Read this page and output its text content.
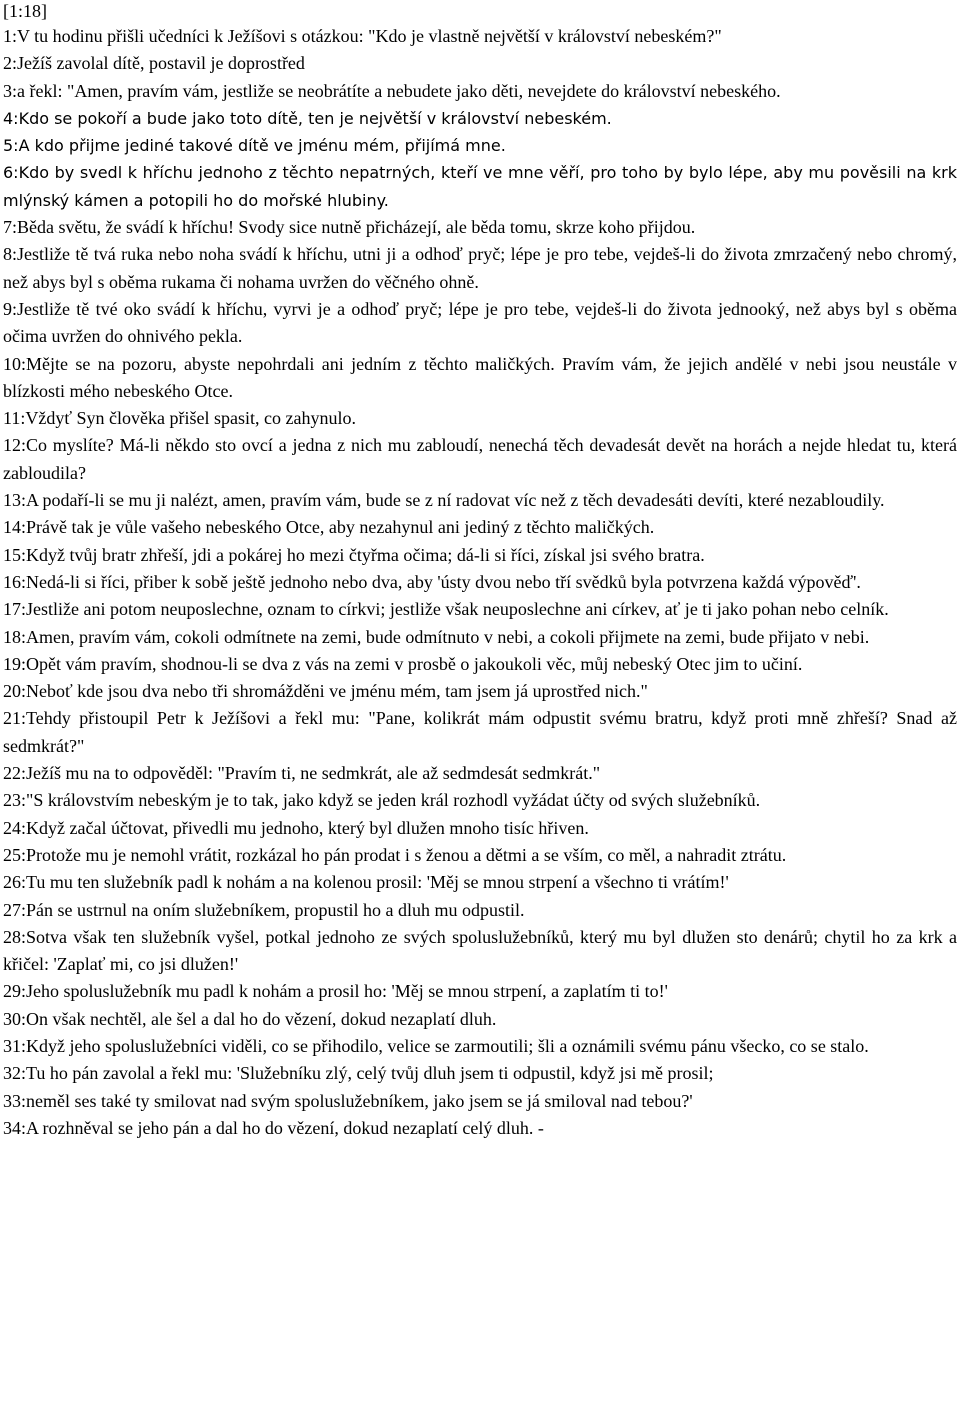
[1:18]

1:V tu hodinu přišli učedníci k Ježíšovi s otázkou: "Kdo je vlastně největší v království nebeském?"

2:Ježíš zavolal dítě, postavil je doprostřed

3:a řekl: "Amen, pravím vám, jestliže se neobrátíte a nebudete jako děti, nevejdete do království nebeského.

4:Kdo se pokoří a bude jako toto dítě, ten je největší v království nebeském.

5:A kdo přijme jediné takové dítě ve jménu mém, přijímá mne.

6:Kdo by svedl k hříchu jednoho z těchto nepatrných, kteří ve mne věří, pro toho by bylo lépe, aby mu pověsili na krk mlýnský kámen a potopili ho do mořské hlubiny.

7:Běda světu, že svádí k hříchu! Svody sice nutně přicházejí, ale běda tomu, skrze koho přijdou.

8:Jestliže tě tvá ruka nebo noha svádí k hříchu, utni ji a odhoď pryč; lépe je pro tebe, vejdeš-li do života zmrzačený nebo chromý, než abys byl s oběma rukama či nohama uvržen do věčného ohně.

9:Jestliže tě tvé oko svádí k hříchu, vyrvi je a odhoď pryč; lépe je pro tebe, vejdeš-li do života jednooký, než abys byl s oběma očima uvržen do ohnivého pekla.

10:Mějte se na pozoru, abyste nepohrdali ani jedním z těchto maličkých. Pravím vám, že jejich andělé v nebi jsou neustále v blízkosti mého nebeského Otce.

11:Vždyť Syn člověka přišel spasit, co zahynulo.

12:Co myslíte? Má-li někdo sto ovcí a jedna z nich mu zabloudí, nenechá těch devadesát devět na horách a nejde hledat tu, která zabloudila?

13:A podaří-li se mu ji nalézt, amen, pravím vám, bude se z ní radovat víc než z těch devadesáti devíti, které nezabloudily.

14:Právě tak je vůle vašeho nebeského Otce, aby nezahynul ani jediný z těchto maličkých.

15:Když tvůj bratr zhřeší, jdi a pokárej ho mezi čtyřma očima; dá-li si říci, získal jsi svého bratra.

16:Nedá-li si říci, přiber k sobě ještě jednoho nebo dva, aby 'ústy dvou nebo tří svědků byla potvrzena každá výpověď'.

17:Jestliže ani potom neuposlechne, oznam to církvi; jestliže však neuposlechne ani církev, ať je ti jako pohan nebo celník.

18:Amen, pravím vám, cokoli odmítnete na zemi, bude odmítnuto v nebi, a cokoli přijmete na zemi, bude přijato v nebi.

19:Opět vám pravím, shodnou-li se dva z vás na zemi v prosbě o jakoukoli věc, můj nebeský Otec jim to učiní.

20:Neboť kde jsou dva nebo tři shromážděni ve jménu mém, tam jsem já uprostřed nich."

21:Tehdy přistoupil Petr k Ježíšovi a řekl mu: "Pane, kolikrát mám odpustit svému bratru, když proti mně zhřeší? Snad až sedmkrát?"

22:Ježíš mu na to odpověděl: "Pravím ti, ne sedmkrát, ale až sedmdesát sedmkrát."

23:"S královstvím nebeským je to tak, jako když se jeden král rozhodl vyžádat účty od svých služebníků.

24:Když začal účtovat, přivedli mu jednoho, který byl dlužen mnoho tisíc hřiven.

25:Protože mu je nemohl vrátit, rozkázal ho pán prodat i s ženou a dětmi a se vším, co měl, a nahradit ztrátu.

26:Tu mu ten služebník padl k nohám a na kolenou prosil: 'Měj se mnou strpení a všechno ti vrátím!'

27:Pán se ustrnul na oním služebníkem, propustil ho a dluh mu odpustil.

28:Sotva však ten služebník vyšel, potkal jednoho ze svých spoluslužebníků, který mu byl dlužen sto denárů; chytil ho za krk a křičel: 'Zaplať mi, co jsi dlužen!'

29:Jeho spoluslužebník mu padl k nohám a prosil ho: 'Měj se mnou strpení, a zaplatím ti to!'

30:On však nechtěl, ale šel a dal ho do vězení, dokud nezaplatí dluh.

31:Když jeho spoluslužebníci viděli, co se přihodilo, velice se zarmoutili; šli a oznámili svému pánu všecko, co se stalo.

32:Tu ho pán zavolal a řekl mu: 'Služebníku zlý, celý tvůj dluh jsem ti odpustil, když jsi mě prosil;

33:neměl ses také ty smilovat nad svým spoluslužebníkem, jako jsem se já smiloval nad tebou?'

34:A rozhněval se jeho pán a dal ho do vězení, dokud nezaplatí celý dluh. -
